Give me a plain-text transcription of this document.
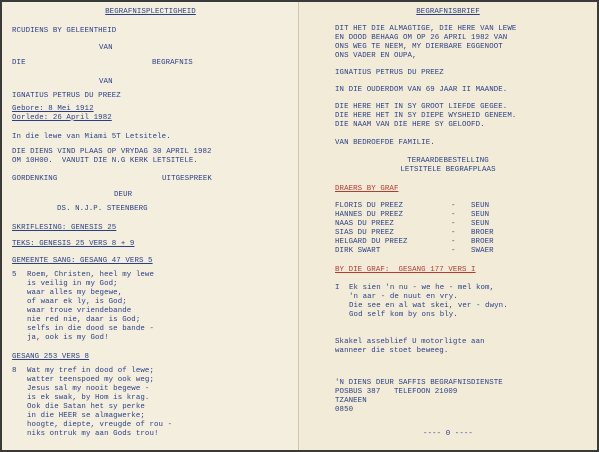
BEGRAFNISPLECTIGHEID
RCUDIENS BY GELEENTHEID
VAN
DIE	BEGRAFNIS
VAN
IGNATIUS PETRUS DU PREEZ
Gebore: 8 Mei 1912
Oorlede: 26 April 1982
In die lewe van Miami 5T Letsitele.
DIE DIENS VIND PLAAS OP VRYDAG 30 APRIL 1982
OM 10H00.  VANUIT DIE N.G KERK LETSITELE.
GORDENKING	UITGESPREEK
DEUR
DS. N.J.P. STEENBERG
SKRIFLESING: GENESIS 25
TEKS: GENESIS 25 VERS 8 + 9
GEMEENTE SANG: GESANG 47 VERS 5
5 Roem, Christen, heel my lewe
is veilig in my God;
waar alles my begewe,
of waar ek ly, is God;
waar troue vriendebande
nie red nie, daar is God;
selfs in die dood se bande -
ja, ook is my God!
GESANG 253 VERS 8
8 Wat my tref in dood of lewe;
watter teenspoed my ook weg;
Jesus sal my nooit begewe -
is ek swak, by Hom is krag.
Ook die Satan het sy perke
in die HEER se almagwerke;
hoogte, diepte, vreugde of rou -
niks ontruk my aan Gods trou!
BEGRAFNISBRIEF
DIT HET DIE ALMAGTIGE, DIE HERE VAN LEWE
EN DOOD BEHAAG OM OP 26 APRIL 1982 VAN
ONS WEG TE NEEM, MY DIERBARE EGGENOOT
ONS VADER EN OUPA,
IGNATIUS PETRUS DU PREEZ
IN DIE OUDERDOM VAN 69 JAAR II MAANDE.
DIE HERE HET IN SY GROOT LIEFDE GEGEE.
DIE HERE HET IN SY DIEPE WYSHEID GENEEM.
DIE NAAM VAN DIE HERE SY GELOOFD.
VAN BEDROEFDE FAMILIE.
TERAARDEBESTELLING
LETSITELE BEGRAFPLAAS
DRAERS BY GRAF
FLORIS DU PREEZ	- SEUN
HANNES DU PREEZ	- SEUN
NAAS DU PREEZ	- SEUN
SIAS DU PREEZ	- BROER
HELGARD DU PREEZ	- BROER
DIRK SWART	- SWAER
BY DIE GRAF:  GESANG 177 VERS I
I Ek sien 'n nu - we he - mel kom,
'n aar - de nuut en vry.
Die see en al wat skei, ver - dwyn.
God self kom by ons bly.
Skakel asseblief U motorligte aan
wanneer die stoet beweeg.
'N DIENS DEUR SAFFIS BEGRAFNISDIENSTE
POSBUS 387   TELEFOON 21009
TZANEEN
0850
---- 0 ----
